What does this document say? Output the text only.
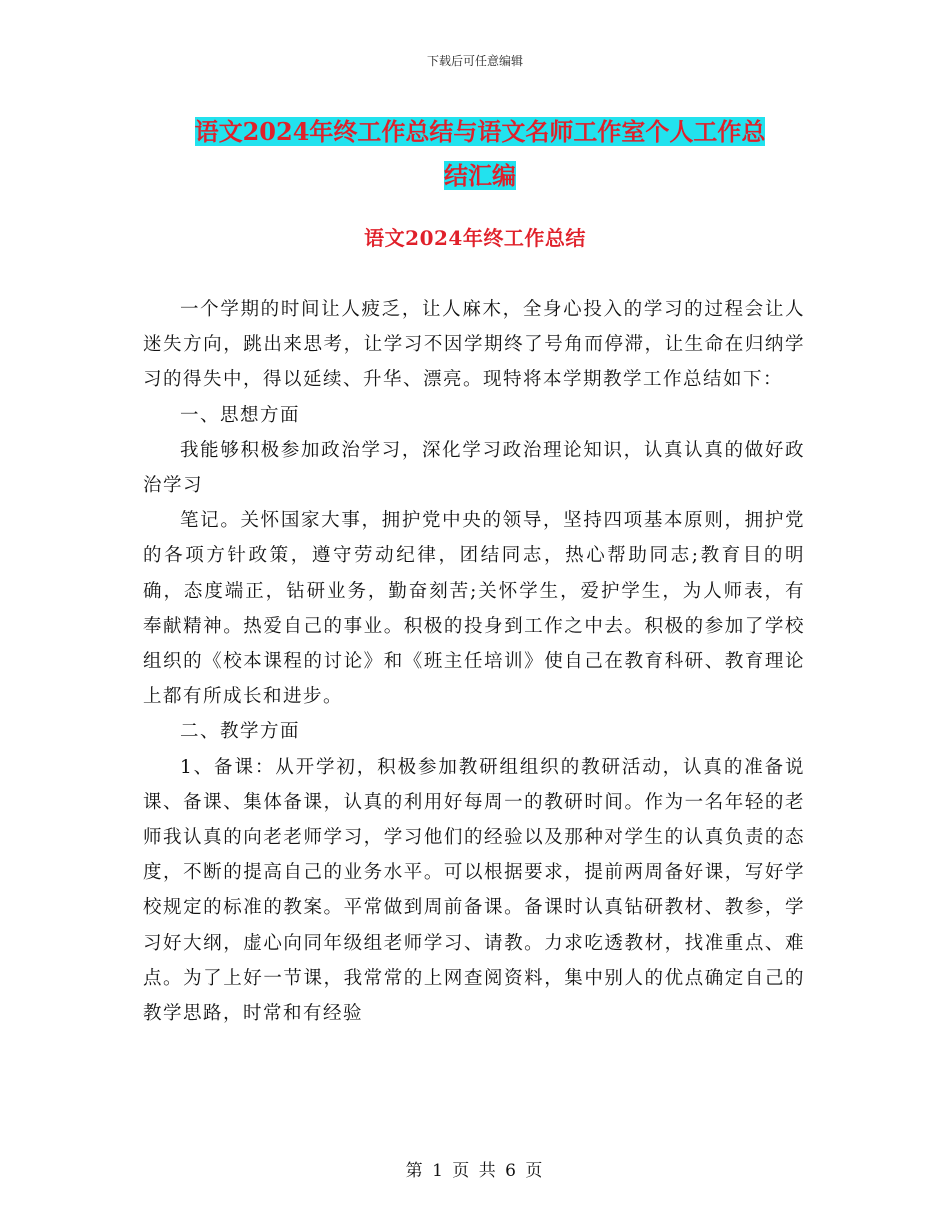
下载后可任意编辑
语文2024年终工作总结与语文名师工作室个人工作总
结汇编
语文2024年终工作总结

一个学期的时间让人疲乏，让人麻木，全身心投入的学习的过程会让人迷失方向，跳出来思考，让学习不因学期终了号角而停滞，让生命在归纳学习的得失中，得以延续、升华、漂亮。现特将本学期教学工作总结如下：

一、思想方面

我能够积极参加政治学习，深化学习政治理论知识，认真认真的做好政治学习

笔记。关怀国家大事，拥护党中央的领导，坚持四项基本原则，拥护党的各项方针政策，遵守劳动纪律，团结同志，热心帮助同志;教育目的明确，态度端正，钻研业务，勤奋刻苦;关怀学生，爱护学生，为人师表，有奉献精神。热爱自己的事业。积极的投身到工作之中去。积极的参加了学校组织的《校本课程的讨论》和《班主任培训》使自己在教育科研、教育理论上都有所成长和进步。

二、教学方面

1、备课：从开学初，积极参加教研组组织的教研活动，认真的准备说课、备课、集体备课，认真的利用好每周一的教研时间。作为一名年轻的老师我认真的向老老师学习，学习他们的经验以及那种对学生的认真负责的态度，不断的提高自己的业务水平。可以根据要求，提前两周备好课，写好学校规定的标准的教案。平常做到周前备课。备课时认真钻研教材、教参，学习好大纲，虚心向同年级组老师学习、请教。力求吃透教材，找准重点、难点。为了上好一节课，我常常的上网查阅资料，集中别人的优点确定自己的教学思路，时常和有经验

第 1 页 共 6 页
